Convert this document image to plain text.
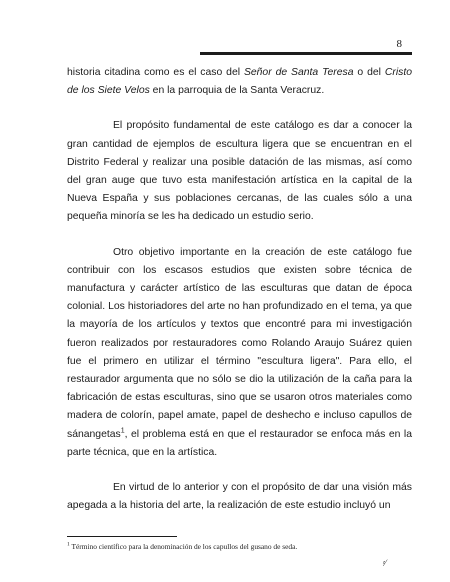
8

historia citadina como es el caso del Señor de Santa Teresa o del Cristo de los Siete Velos en la parroquia de la Santa Veracruz.

El propósito fundamental de este catálogo es dar a conocer la gran cantidad de ejemplos de escultura ligera que se encuentran en el Distrito Federal y realizar una posible datación de las mismas, así como del gran auge que tuvo esta manifestación artística en la capital de la Nueva España y sus poblaciones cercanas, de las cuales sólo a una pequeña minoría se les ha dedicado un estudio serio.

Otro objetivo importante en la creación de este catálogo fue contribuir con los escasos estudios que existen sobre técnica de manufactura y carácter artístico de las esculturas que datan de época colonial. Los historiadores del arte no han profundizado en el tema, ya que la mayoría de los artículos y textos que encontré para mi investigación fueron realizados por restauradores como Rolando Araujo Suárez quien fue el primero en utilizar el término "escultura ligera". Para ello, el restaurador argumenta que no sólo se dio la utilización de la caña para la fabricación de estas esculturas, sino que se usaron otros materiales como madera de colorín, papel amate, papel de deshecho e incluso capullos de sánangetas$^1$, el problema está en que el restaurador se enfoca más en la parte técnica, que en la artística.

En virtud de lo anterior y con el propósito de dar una visión más apegada a la historia del arte, la realización de este estudio incluyó un

$^1$ Término científico para la denominación de los capullos del gusano de seda.
ᶻ⁄
